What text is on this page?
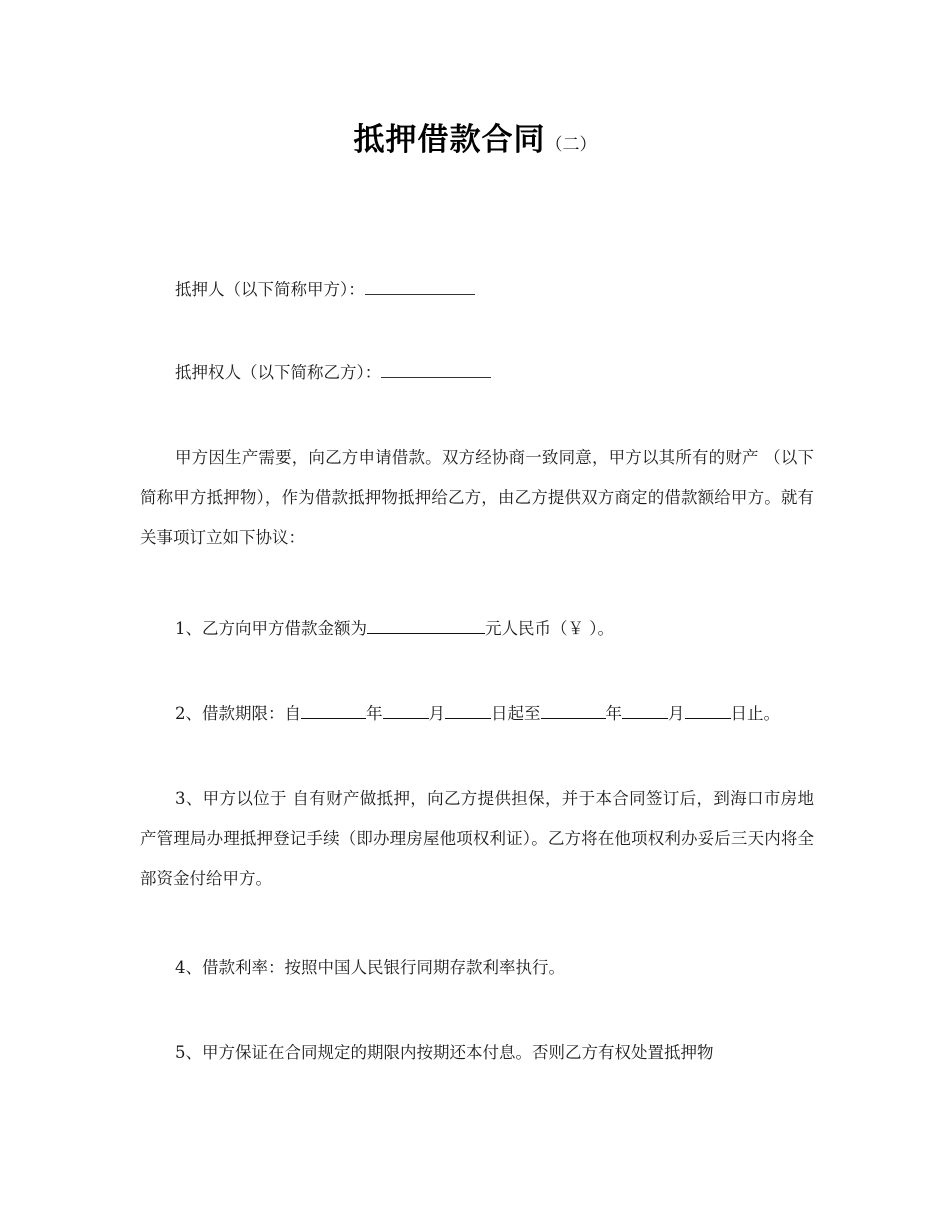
抵押借款合同（二）

抵押人（以下简称甲方）：

抵押权人（以下简称乙方）：

甲方因生产需要，向乙方申请借款。双方经协商一致同意，甲方以其所有的财产 （以下简称甲方抵押物），作为借款抵押物抵押给乙方，由乙方提供双方商定的借款额给甲方。就有关事项订立如下协议：

1、乙方向甲方借款金额为	元人民币（￥ ）。

2、借款期限：自	年	月	日起至	年	月	日止。

3、甲方以位于 自有财产做抵押，向乙方提供担保，并于本合同签订后，到海口市房地产管理局办理抵押登记手续（即办理房屋他项权利证）。乙方将在他项权利办妥后三天内将全部资金付给甲方。

4、借款利率：按照中国人民银行同期存款利率执行。

5、甲方保证在合同规定的期限内按期还本付息。否则乙方有权处置抵押物
